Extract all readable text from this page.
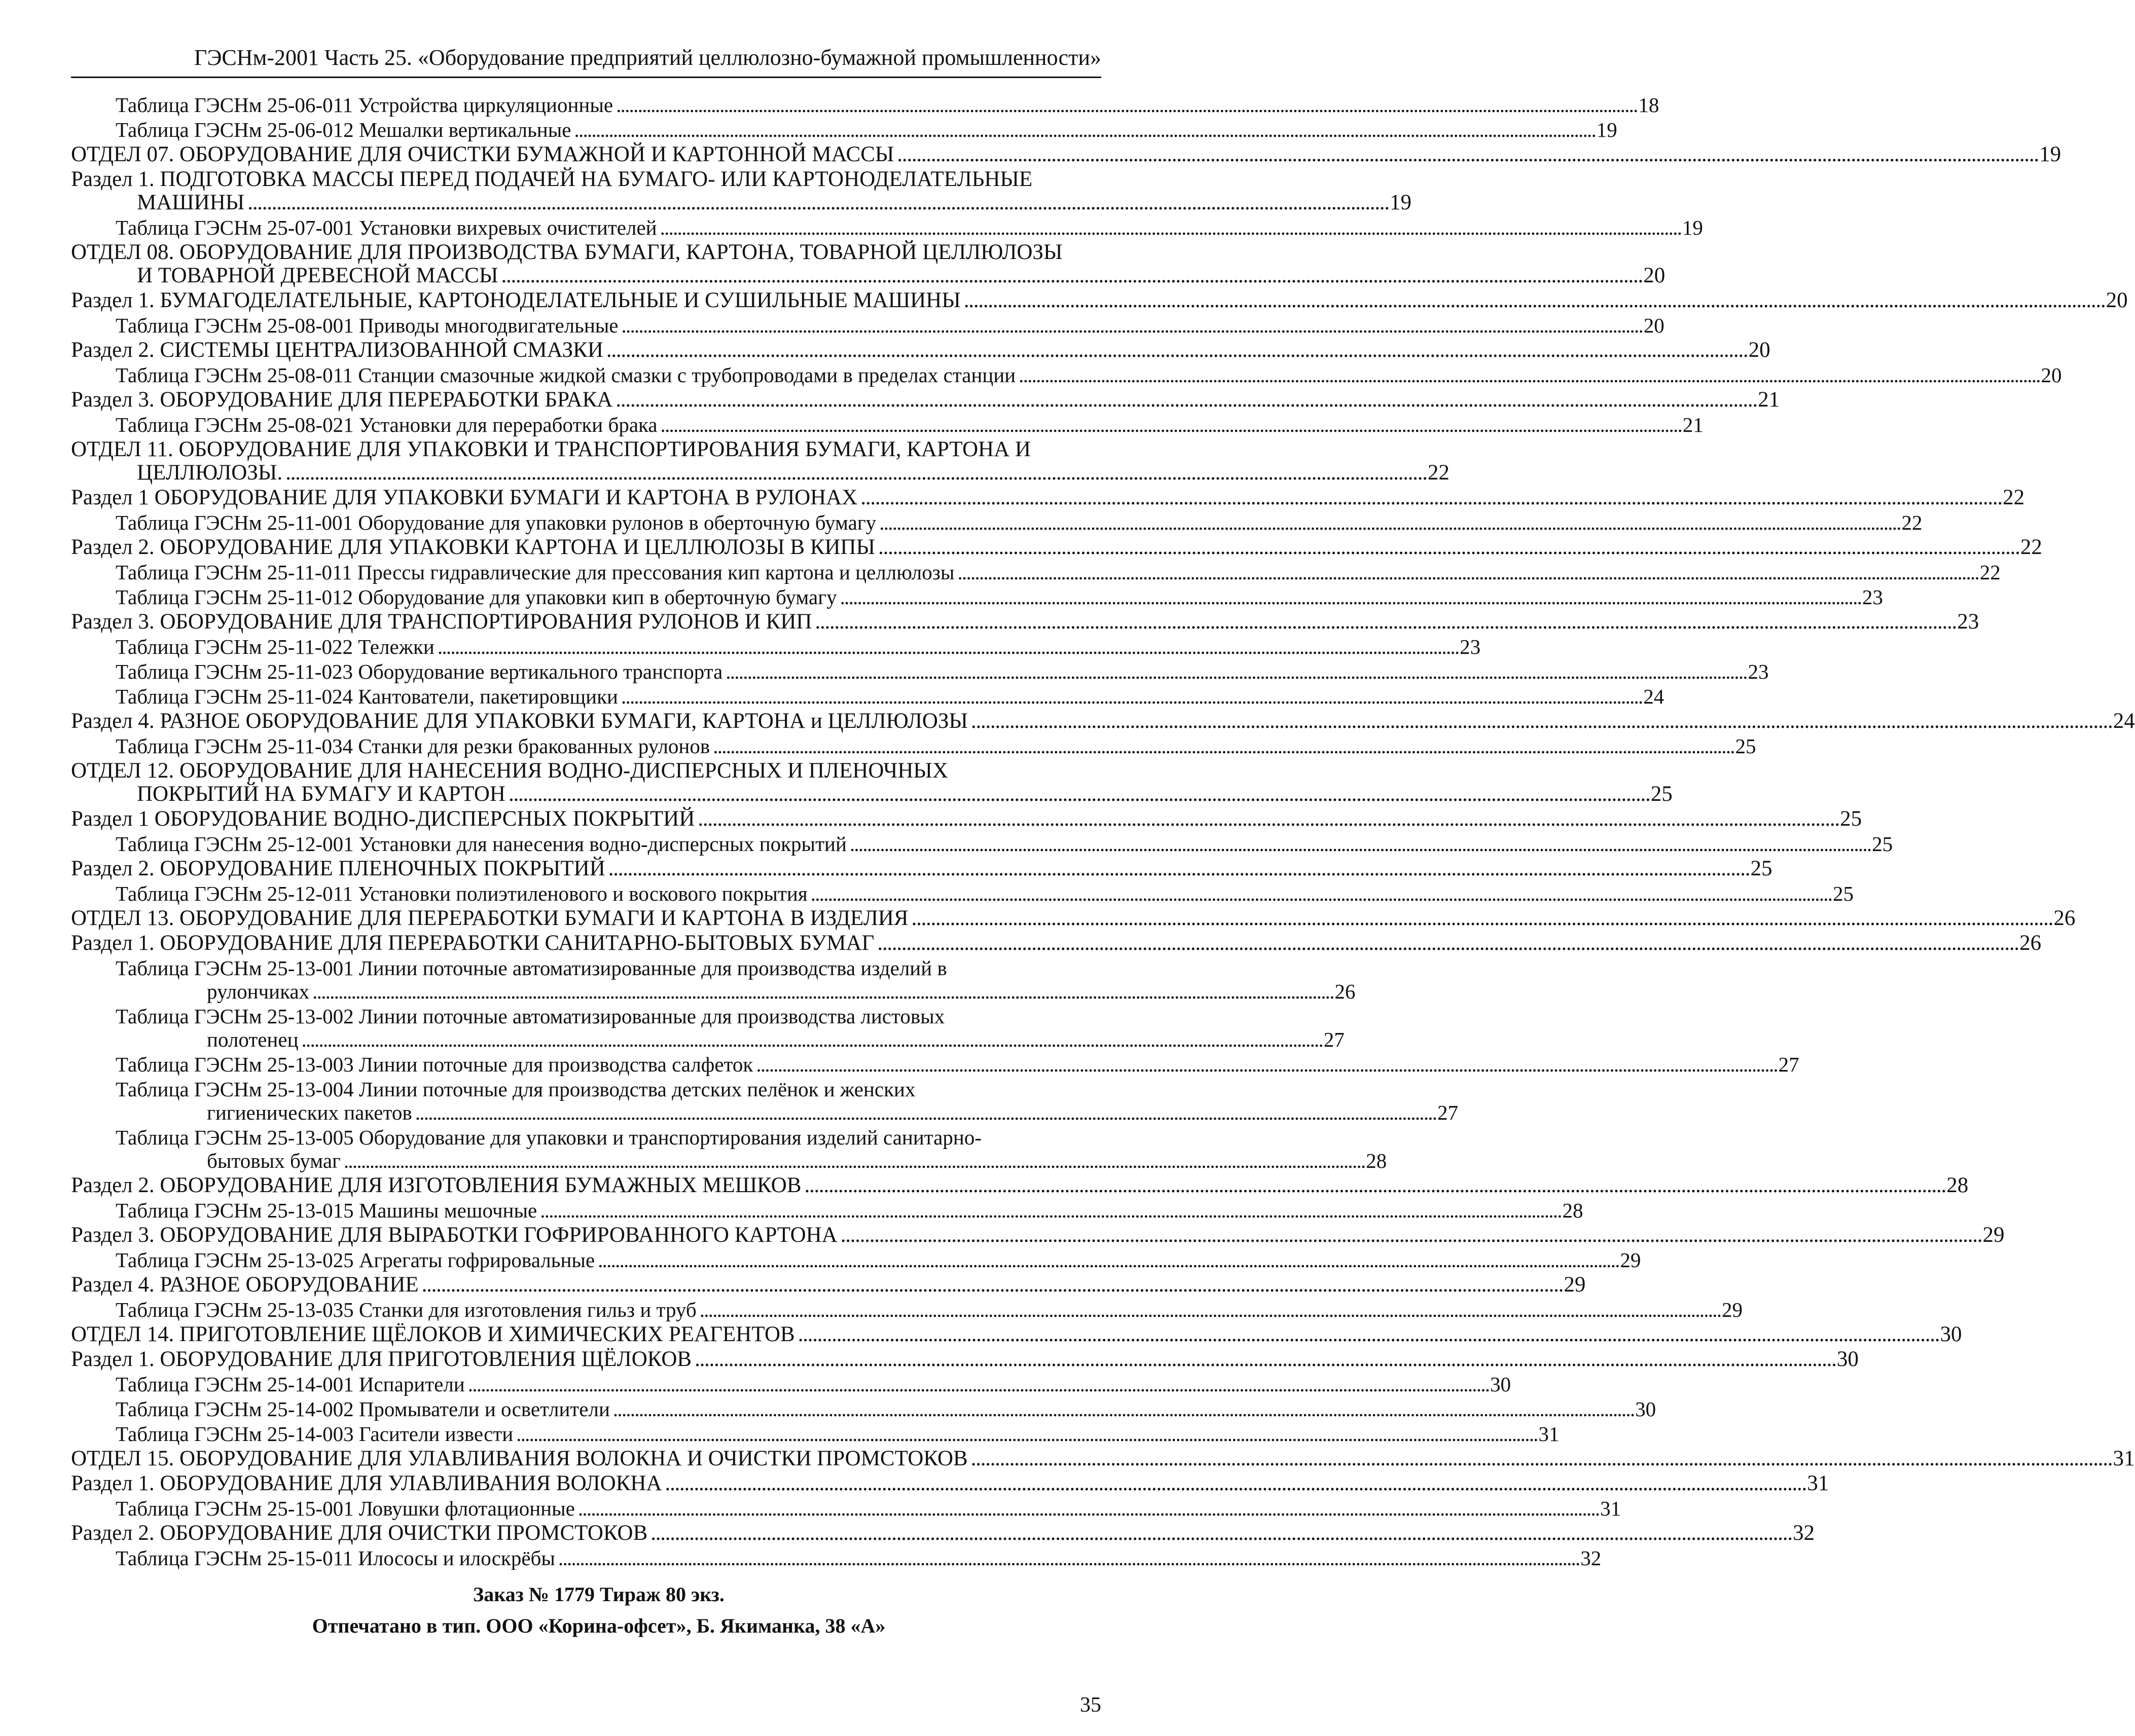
ГЭСНм-2001 Часть 25. «Оборудование предприятий целлюлозно-бумажной промышленности»
Таблица ГЭСНм 25-06-011 Устройства циркуляционные . . .	18
Таблица ГЭСНм 25-06-012 Мешалки вертикальные . . .	19
ОТДЕЛ 07. ОБОРУДОВАНИЕ ДЛЯ ОЧИСТКИ БУМАЖНОЙ И КАРТОННОЙ МАССЫ . . .	19
Раздел 1. ПОДГОТОВКА МАССЫ ПЕРЕД ПОДАЧЕЙ НА БУМАГО- ИЛИ КАРТОНОДЕЛАТЕЛЬНЫЕ
МАШИНЫ . . .	19
Таблица ГЭСНм 25-07-001 Установки вихревых очистителей . . .	19
ОТДЕЛ 08. ОБОРУДОВАНИЕ ДЛЯ ПРОИЗВОДСТВА БУМАГИ, КАРТОНА, ТОВАРНОЙ ЦЕЛЛЮЛОЗЫ
И ТОВАРНОЙ ДРЕВЕСНОЙ МАССЫ . . .	20
Раздел 1. БУМАГОДЕЛАТЕЛЬНЫЕ, КАРТОНОДЕЛАТЕЛЬНЫЕ И СУШИЛЬНЫЕ МАШИНЫ . . .	20
Таблица ГЭСНм 25-08-001 Приводы многодвигательные . . .	20
Раздел 2. СИСТЕМЫ ЦЕНТРАЛИЗОВАННОЙ СМАЗКИ . . .	20
Таблица ГЭСНм 25-08-011 Станции смазочные жидкой смазки с трубопроводами в пределах станции . . .	20
Раздел 3. ОБОРУДОВАНИЕ ДЛЯ ПЕРЕРАБОТКИ БРАКА . . .	21
Таблица ГЭСНм 25-08-021 Установки для переработки брака . . .	21
ОТДЕЛ 11. ОБОРУДОВАНИЕ ДЛЯ УПАКОВКИ И ТРАНСПОРТИРОВАНИЯ БУМАГИ, КАРТОНА И
ЦЕЛЛЮЛОЗЫ. . . .	22
Раздел 1 ОБОРУДОВАНИЕ ДЛЯ УПАКОВКИ БУМАГИ И КАРТОНА В РУЛОНАХ . . .	22
Таблица ГЭСНм 25-11-001 Оборудование для упаковки рулонов в оберточную бумагу . . .	22
Раздел 2. ОБОРУДОВАНИЕ ДЛЯ УПАКОВКИ КАРТОНА И ЦЕЛЛЮЛОЗЫ В КИПЫ . . .	22
Таблица ГЭСНм 25-11-011 Прессы гидравлические для прессования кип картона и целлюлозы . . .	22
Таблица ГЭСНм 25-11-012 Оборудование для упаковки кип в оберточную бумагу . . .	23
Раздел 3. ОБОРУДОВАНИЕ ДЛЯ ТРАНСПОРТИРОВАНИЯ РУЛОНОВ И КИП . . .	23
Таблица ГЭСНм 25-11-022 Тележки . . .	23
Таблица ГЭСНм 25-11-023 Оборудование вертикального транспорта . . .	23
Таблица ГЭСНм 25-11-024 Кантователи, пакетировщики . . .	24
Раздел 4. РАЗНОЕ ОБОРУДОВАНИЕ ДЛЯ УПАКОВКИ БУМАГИ, КАРТОНА и ЦЕЛЛЮЛОЗЫ . . .	24
Таблица ГЭСНм 25-11-034 Станки для резки бракованных рулонов . . .	25
ОТДЕЛ 12. ОБОРУДОВАНИЕ ДЛЯ НАНЕСЕНИЯ ВОДНО-ДИСПЕРСНЫХ И ПЛЕНОЧНЫХ
ПОКРЫТИЙ НА БУМАГУ И КАРТОН . . .	25
Раздел 1 ОБОРУДОВАНИЕ ВОДНО-ДИСПЕРСНЫХ ПОКРЫТИЙ . . .	25
Таблица ГЭСНм 25-12-001 Установки для нанесения водно-дисперсных покрытий . . .	25
Раздел 2. ОБОРУДОВАНИЕ ПЛЕНОЧНЫХ ПОКРЫТИЙ . . .	25
Таблица ГЭСНм 25-12-011 Установки полиэтиленового и воскового покрытия . . .	25
ОТДЕЛ 13. ОБОРУДОВАНИЕ ДЛЯ ПЕРЕРАБОТКИ БУМАГИ И КАРТОНА В ИЗДЕЛИЯ . . .	26
Раздел 1. ОБОРУДОВАНИЕ ДЛЯ ПЕРЕРАБОТКИ САНИТАРНО-БЫТОВЫХ БУМАГ . . .	26
Таблица ГЭСНм 25-13-001 Линии поточные автоматизированные для производства изделий в
рулончиках . . .	26
Таблица ГЭСНм 25-13-002 Линии поточные автоматизированные для производства листовых
полотенец . . .	27
Таблица ГЭСНм 25-13-003 Линии поточные для производства салфеток . . .	27
Таблица ГЭСНм 25-13-004 Линии поточные для производства детских пелёнок и женских
гигиенических пакетов . . .	27
Таблица ГЭСНм 25-13-005 Оборудование для упаковки и транспортирования изделий санитарно-
бытовых бумаг . . .	28
Раздел 2. ОБОРУДОВАНИЕ ДЛЯ ИЗГОТОВЛЕНИЯ БУМАЖНЫХ МЕШКОВ . . .	28
Таблица ГЭСНм 25-13-015 Машины мешочные . . .	28
Раздел 3. ОБОРУДОВАНИЕ ДЛЯ ВЫРАБОТКИ ГОФРИРОВАННОГО КАРТОНА . . .	29
Таблица ГЭСНм 25-13-025 Агрегаты гофрировальные . . .	29
Раздел 4. РАЗНОЕ ОБОРУДОВАНИЕ . . .	29
Таблица ГЭСНм 25-13-035 Станки для изготовления гильз и труб . . .	29
ОТДЕЛ 14. ПРИГОТОВЛЕНИЕ ЩЁЛОКОВ И ХИМИЧЕСКИХ РЕАГЕНТОВ . . .	30
Раздел 1. ОБОРУДОВАНИЕ ДЛЯ ПРИГОТОВЛЕНИЯ ЩЁЛОКОВ . . .	30
Таблица ГЭСНм 25-14-001 Испарители . . .	30
Таблица ГЭСНм 25-14-002 Промыватели и осветлители . . .	30
Таблица ГЭСНм 25-14-003 Гасители извести . . .	31
ОТДЕЛ 15. ОБОРУДОВАНИЕ ДЛЯ УЛАВЛИВАНИЯ ВОЛОКНА И ОЧИСТКИ ПРОМСТОКОВ . . .	31
Раздел 1. ОБОРУДОВАНИЕ ДЛЯ УЛАВЛИВАНИЯ ВОЛОКНА . . .	31
Таблица ГЭСНм 25-15-001 Ловушки флотационные . . .	31
Раздел 2. ОБОРУДОВАНИЕ ДЛЯ ОЧИСТКИ ПРОМСТОКОВ . . .	32
Таблица ГЭСНм 25-15-011 Илососы и илоскрёбы . . .	32
Заказ № 1779 Тираж 80 экз.
Отпечатано в тип. ООО «Корина-офсет», Б. Якиманка, 38 «А»
35
